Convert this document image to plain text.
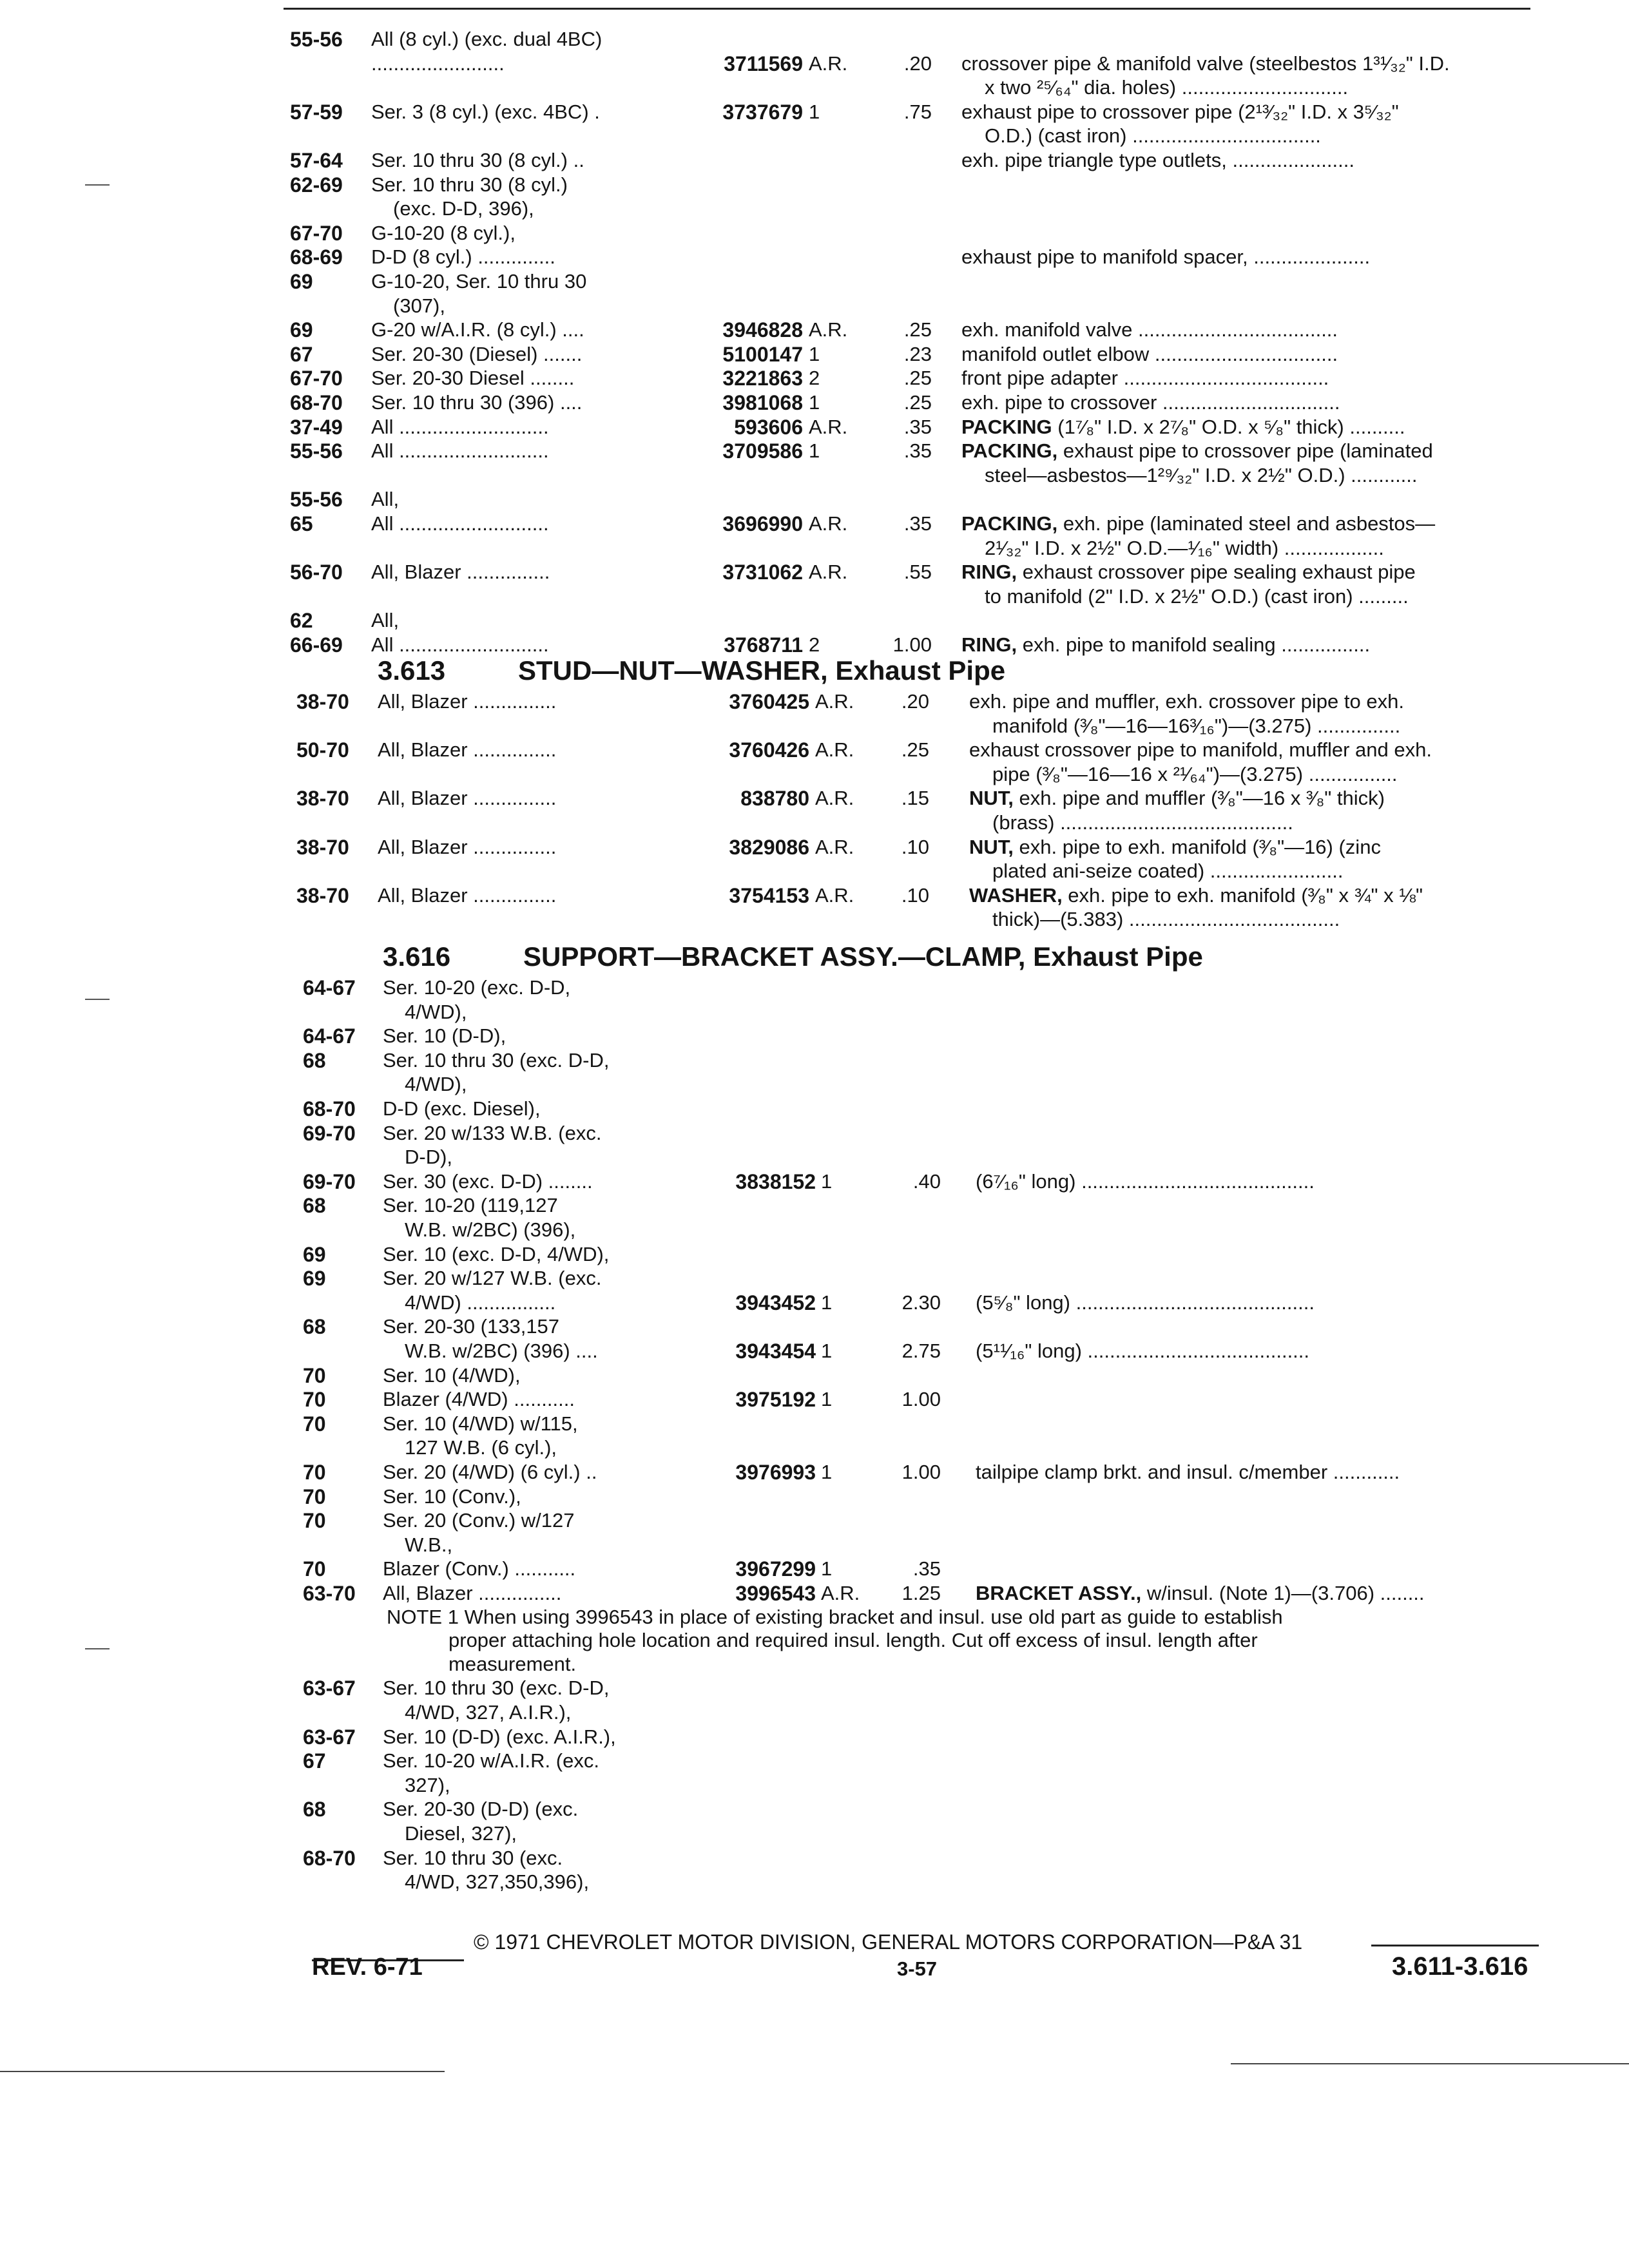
55-56 All (8 cyl.) (exc. dual 4BC)
........................	3711569 A.R.	.20 crossover pipe & manifold valve (steelbestos 1³¹⁄₃₂" I.D.
x two ²⁵⁄₆₄" dia. holes) ..............................
57-59 Ser. 3 (8 cyl.) (exc. 4BC) .	3737679 1	.75 exhaust pipe to crossover pipe (2¹³⁄₃₂" I.D. x 3⁵⁄₃₂"
O.D.) (cast iron) ..................................
57-64 Ser. 10 thru 30 (8 cyl.) ..	exh. pipe triangle type outlets, ......................
62-69 Ser. 10 thru 30 (8 cyl.)
(exc. D-D, 396),
67-70 G-10-20 (8 cyl.),
68-69 D-D (8 cyl.) ..............	exhaust pipe to manifold spacer, .....................
69	G-10-20, Ser. 10 thru 30
(307),
69	G-20 w/A.I.R. (8 cyl.) ....	3946828 A.R.	.25 exh. manifold valve ....................................
67	Ser. 20-30 (Diesel) .......	5100147 1	.23 manifold outlet elbow .................................
67-70 Ser. 20-30 Diesel ........	3221863 2	.25 front pipe adapter .....................................
68-70 Ser. 10 thru 30 (396) ....	3981068 1	.25 exh. pipe to crossover ................................
37-49 All ...........................	593606 A.R.	.35 PACKING (1⁷⁄₈" I.D. x 2⁷⁄₈" O.D. x ⁵⁄₈" thick) ..........
55-56 All ...........................	3709586 1	.35 PACKING, exhaust pipe to crossover pipe (laminated
steel—asbestos—1²⁹⁄₃₂" I.D. x 2½" O.D.) ............
55-56 All,
65	All ...........................	3696990 A.R.	.35 PACKING, exh. pipe (laminated steel and asbestos—
2¹⁄₃₂" I.D. x 2½" O.D.—¹⁄₁₆" width) ..................
56-70 All, Blazer ...............	3731062 A.R.	.55 RING, exhaust crossover pipe sealing exhaust pipe
to manifold (2" I.D. x 2½" O.D.) (cast iron) .........
62	All,
66-69 All ...........................	3768711 2	1.00 RING, exh. pipe to manifold sealing ................
3.613	STUD—NUT—WASHER, Exhaust Pipe
38-70 All, Blazer ...............	3760425 A.R.	.20 exh. pipe and muffler, exh. crossover pipe to exh.
manifold (³⁄₈"—16—16³⁄₁₆")—(3.275) ...............
50-70 All, Blazer ...............	3760426 A.R.	.25 exhaust crossover pipe to manifold, muffler and exh.
pipe (³⁄₈"—16—16 x ²¹⁄₆₄")—(3.275) ................
38-70 All, Blazer ...............	838780 A.R.	.15 NUT, exh. pipe and muffler (³⁄₈"—16 x ³⁄₈" thick)
(brass) ..........................................
38-70 All, Blazer ...............	3829086 A.R.	.10 NUT, exh. pipe to exh. manifold (³⁄₈"—16) (zinc
plated ani-seize coated) ........................
38-70 All, Blazer ...............	3754153 A.R.	.10 WASHER, exh. pipe to exh. manifold (³⁄₈" x ¾" x ⅛"
thick)—(5.383) ......................................
3.616	SUPPORT—BRACKET ASSY.—CLAMP, Exhaust Pipe
64-67 Ser. 10-20 (exc. D-D,
4/WD),
64-67 Ser. 10 (D-D),
68	Ser. 10 thru 30 (exc. D-D,
4/WD),
68-70 D-D (exc. Diesel),
69-70 Ser. 20 w/133 W.B. (exc.
D-D),
69-70 Ser. 30 (exc. D-D) ........	3838152 1	.40 (6⁷⁄₁₆" long) ..........................................
68	Ser. 10-20 (119,127
W.B. w/2BC) (396),
69	Ser. 10 (exc. D-D, 4/WD),
69	Ser. 20 w/127 W.B. (exc.
4/WD) ................	3943452 1	2.30 (5⁵⁄₈" long) ...........................................
68	Ser. 20-30 (133,157
W.B. w/2BC) (396) ....	3943454 1	2.75 (5¹¹⁄₁₆" long) ........................................
70	Ser. 10 (4/WD),
70	Blazer (4/WD) ...........	3975192 1	1.00
70	Ser. 10 (4/WD) w/115,
127 W.B. (6 cyl.),
70	Ser. 20 (4/WD) (6 cyl.) ..	3976993 1	1.00 tailpipe clamp brkt. and insul. c/member ............
70	Ser. 10 (Conv.),
70	Ser. 20 (Conv.) w/127
W.B.,
70	Blazer (Conv.) ...........	3967299 1	.35
63-70 All, Blazer ...............	3996543 A.R.	1.25 BRACKET ASSY., w/insul. (Note 1)—(3.706) ........
NOTE 1 When using 3996543 in place of existing bracket and insul. use old part as guide to establish
proper attaching hole location and required insul. length. Cut off excess of insul. length after
measurement.
63-67 Ser. 10 thru 30 (exc. D-D,
4/WD, 327, A.I.R.),
63-67 Ser. 10 (D-D) (exc. A.I.R.),
67	Ser. 10-20 w/A.I.R. (exc.
327),
68	Ser. 20-30 (D-D) (exc.
Diesel, 327),
68-70 Ser. 10 thru 30 (exc.
4/WD, 327,350,396),
© 1971 CHEVROLET MOTOR DIVISION, GENERAL MOTORS CORPORATION—P&A 31
REV. 6-71	3-57	3.611-3.616
